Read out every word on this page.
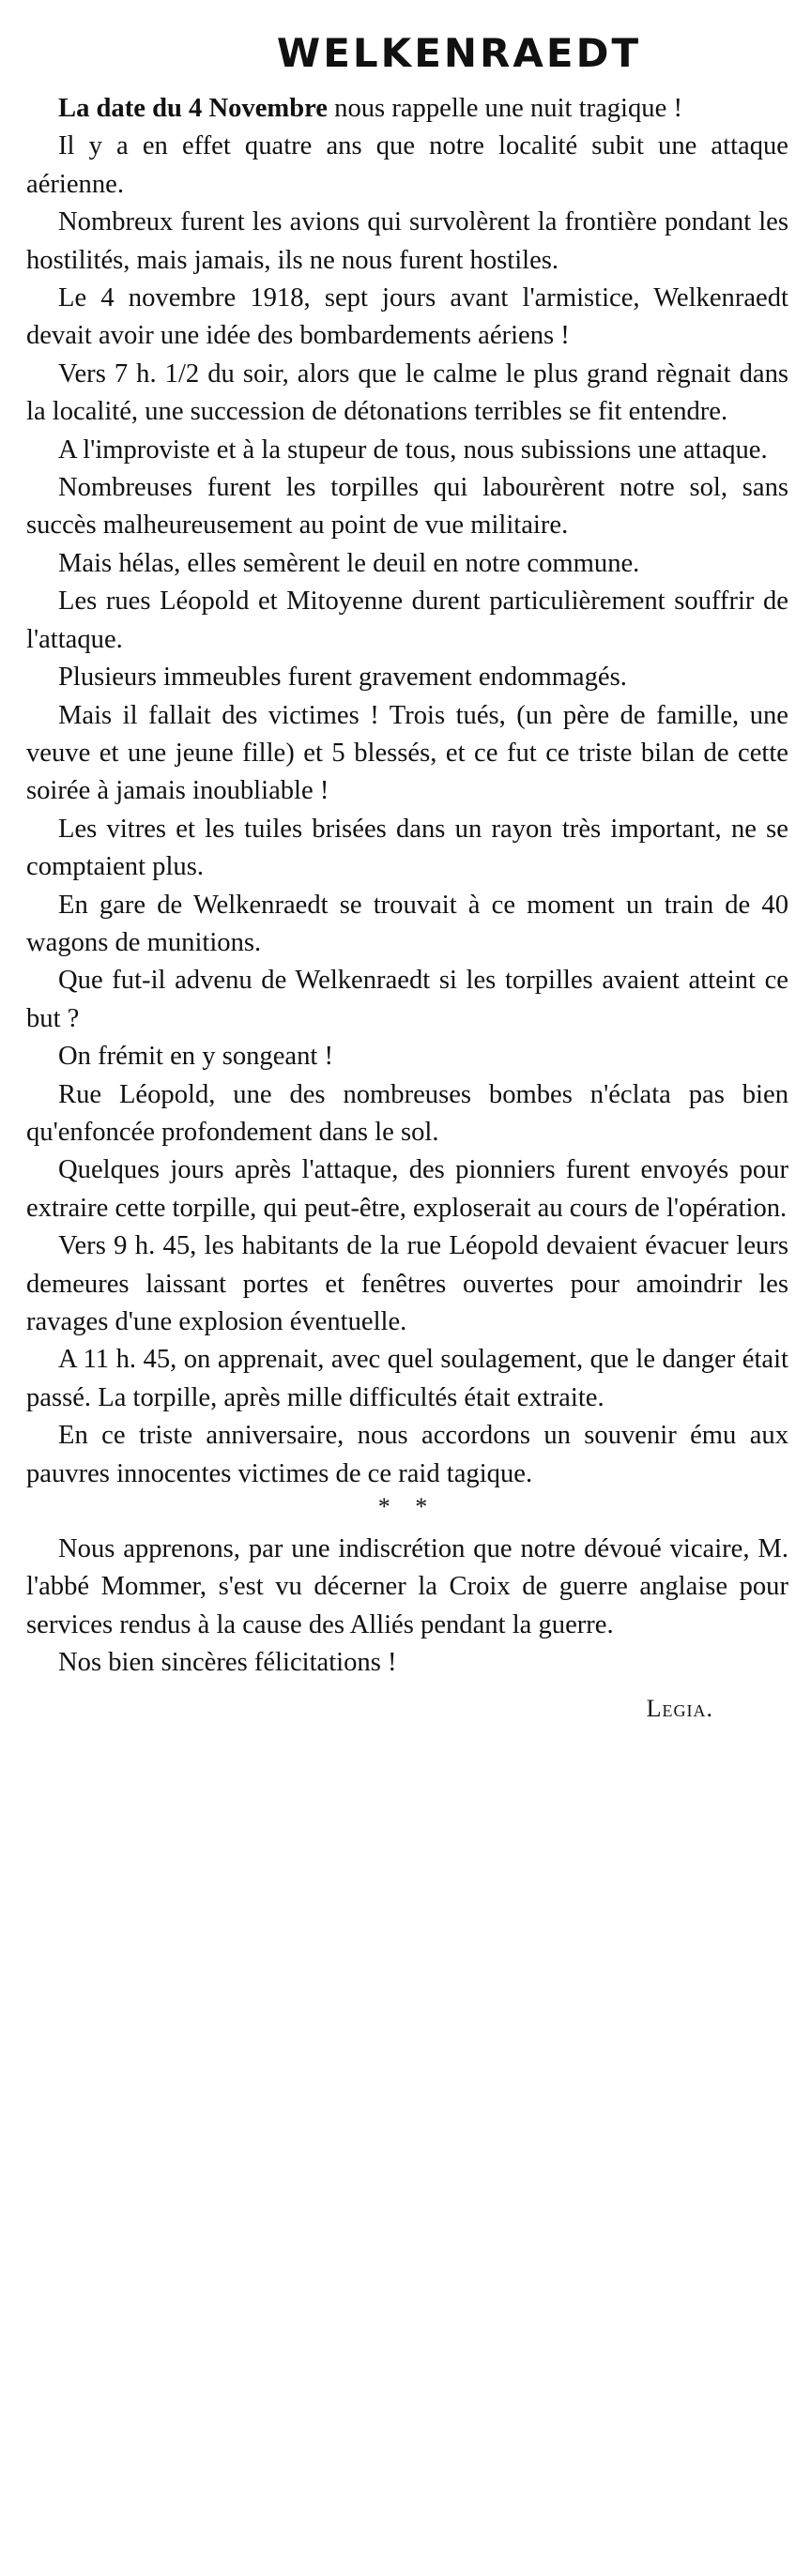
WELKENRAEDT

La date du 4 Novembre nous rappelle une nuit tragique !

Il y a en effet quatre ans que notre localité subit une attaque aérienne.

Nombreux furent les avions qui survolèrent la frontière pondant les hostilités, mais jamais, ils ne nous furent hostiles.

Le 4 novembre 1918, sept jours avant l'armistice, Welkenraedt devait avoir une idée des bombardements aériens !

Vers 7 h. 1/2 du soir, alors que le calme le plus grand règnait dans la localité, une succession de détonations terribles se fit entendre.

A l'improviste et à la stupeur de tous, nous subissions une attaque.

Nombreuses furent les torpilles qui labourèrent notre sol, sans succès malheureusement au point de vue militaire.

Mais hélas, elles semèrent le deuil en notre commune.

Les rues Léopold et Mitoyenne durent particulièrement souffrir de l'attaque.

Plusieurs immeubles furent gravement endommagés.

Mais il fallait des victimes ! Trois tués, (un père de famille, une veuve et une jeune fille) et 5 blessés, et ce fut ce triste bilan de cette soirée à jamais inoubliable !

Les vitres et les tuiles brisées dans un rayon très important, ne se comptaient plus.

En gare de Welkenraedt se trouvait à ce moment un train de 40 wagons de munitions.

Que fut-il advenu de Welkenraedt si les torpilles avaient atteint ce but ?

On frémit en y songeant !

Rue Léopold, une des nombreuses bombes n'éclata pas bien qu'enfoncée profondement dans le sol.

Quelques jours après l'attaque, des pionniers furent envoyés pour extraire cette torpille, qui peut-être, exploserait au cours de l'opération.

Vers 9 h. 45, les habitants de la rue Léopold devaient évacuer leurs demeures laissant portes et fenêtres ouvertes pour amoindrir les ravages d'une explosion éventuelle.

A 11 h. 45, on apprenait, avec quel soulagement, que le danger était passé. La torpille, après mille difficultés était extraite.

En ce triste anniversaire, nous accordons un souvenir ému aux pauvres innocentes victimes de ce raid tagique.

* *

Nous apprenons, par une indiscrétion que notre dévoué vicaire, M. l'abbé Mommer, s'est vu décerner la Croix de guerre anglaise pour services rendus à la cause des Alliés pendant la guerre.

Nos bien sincères félicitations !

Legia.
